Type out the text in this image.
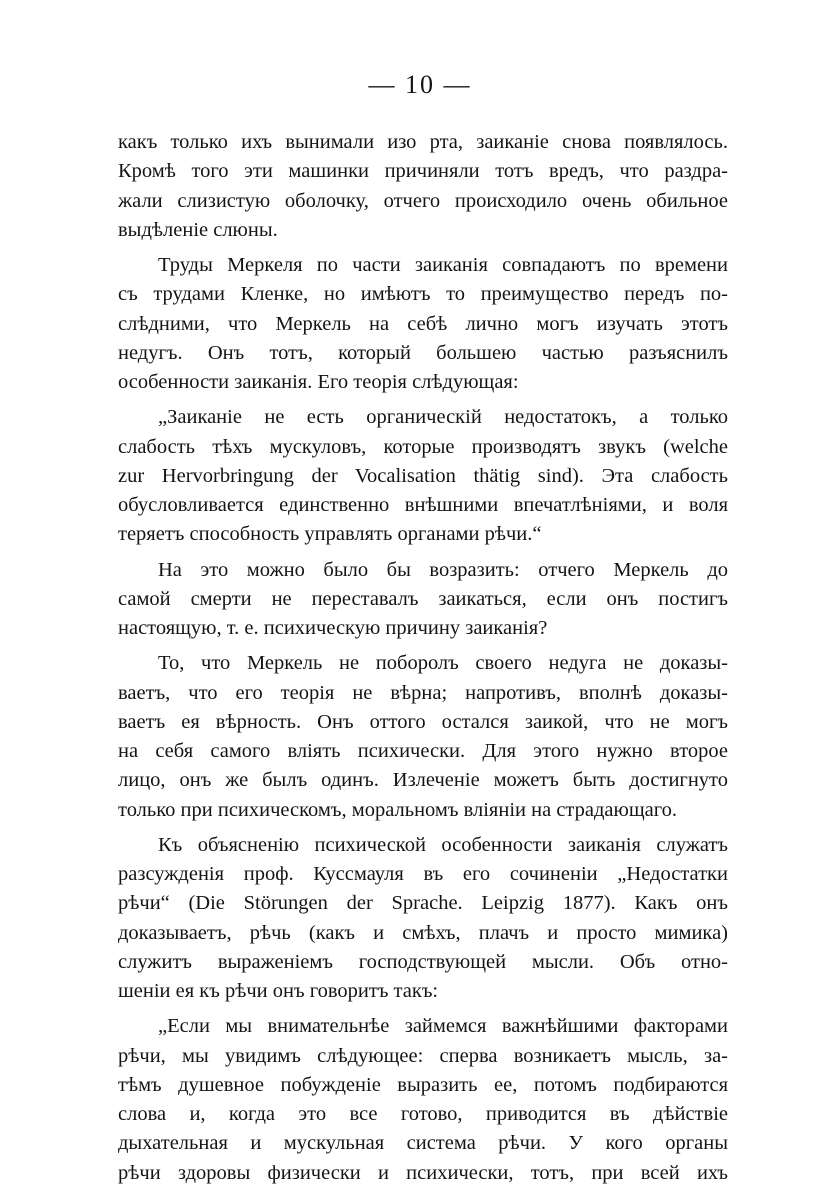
— 10 —
какъ только ихъ вынимали изо рта, заиканіе снова появлялось.
Кромѣ того эти машинки причиняли тотъ вредъ, что раздра-
жали слизистую оболочку, отчего происходило очень обильное
выдѣленіе слюны.
Труды Меркеля по части заиканія совпадаютъ по времени
съ трудами Кленке, но имѣютъ то преимущество передъ по-
слѣдними, что Меркель на себѣ лично могъ изучать этотъ
недугъ. Онъ тотъ, который большею частью разъяснилъ
особенности заиканія. Его теорія слѣдующая:
„Заиканіе не есть органическій недостатокъ, а только
слабость тѣхъ мускуловъ, которые производятъ звукъ (welche
zur Hervorbringung der Vocalisation thätig sind). Эта слабость
обусловливается единственно внѣшними впечатлѣніями, и воля
теряетъ способность управлять органами рѣчи.“
На это можно было бы возразить: отчего Меркель до
самой смерти не переставалъ заикаться, если онъ постигъ
настоящую, т. е. психическую причину заиканія?
То, что Меркель не поборолъ своего недуга не доказы-
ваетъ, что его теорія не вѣрна; напротивъ, вполнѣ доказы-
ваетъ ея вѣрность. Онъ оттого остался заикой, что не могъ
на себя самого вліять психически. Для этого нужно второе
лицо, онъ же былъ одинъ. Излеченіе можетъ быть достигнуто
только при психическомъ, моральномъ вліяніи на страдающаго.
Къ объясненію психической особенности заиканія служатъ
разсужденія проф. Куссмауля въ его сочиненіи „Недостатки
рѣчи“ (Die Störungen der Sprache. Leipzig 1877). Какъ онъ
доказываетъ, рѣчь (какъ и смѣхъ, плачъ и просто мимика)
служитъ выраженіемъ господствующей мысли. Объ отно-
шеніи ея къ рѣчи онъ говоритъ такъ:
„Если мы внимательнѣе займемся важнѣйшими факторами
рѣчи, мы увидимъ слѣдующее: сперва возникаетъ мысль, за-
тѣмъ душевное побужденіе выразить ее, потомъ подбираются
слова и, когда это все готово, приводится въ дѣйствіе
дыхательная и мускульная система рѣчи. У кого органы
рѣчи здоровы физически и психически, тотъ, при всей ихъ
